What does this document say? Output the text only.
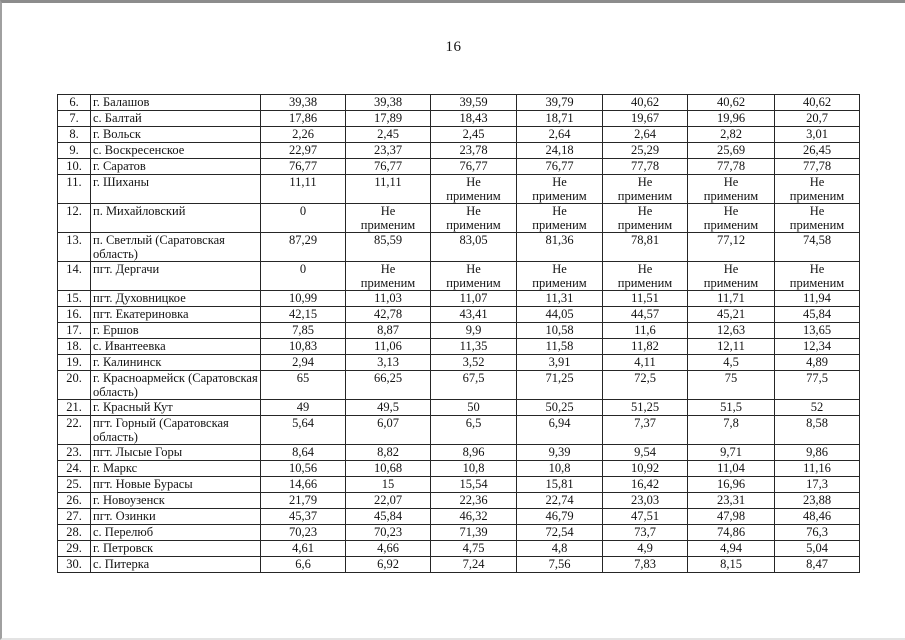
16
6.	г. Балашов	39,38	39,38	39,59	39,79	40,62	40,62	40,62
7.	с. Балтай	17,86	17,89	18,43	18,71	19,67	19,96	20,7
8.	г. Вольск	2,26	2,45	2,45	2,64	2,64	2,82	3,01
9.	с. Воскресенское	22,97	23,37	23,78	24,18	25,29	25,69	26,45
10.	г. Саратов	76,77	76,77	76,77	76,77	77,78	77,78	77,78
11.	г. Шиханы	11,11	11,11	Не
применим	Не
применим	Не
применим	Не
применим	Не
применим
12.	п. Михайловский	0	Не
применим	Не
применим	Не
применим	Не
применим	Не
применим	Не
применим
13.	п. Светлый (Саратовская область)	87,29	85,59	83,05	81,36	78,81	77,12	74,58
14.	пгт. Дергачи	0	Не
применим	Не
применим	Не
применим	Не
применим	Не
применим	Не
применим
15.	пгт. Духовницкое	10,99	11,03	11,07	11,31	11,51	11,71	11,94
16.	пгт. Екатериновка	42,15	42,78	43,41	44,05	44,57	45,21	45,84
17.	г. Ершов	7,85	8,87	9,9	10,58	11,6	12,63	13,65
18.	с. Ивантеевка	10,83	11,06	11,35	11,58	11,82	12,11	12,34
19.	г. Калининск	2,94	3,13	3,52	3,91	4,11	4,5	4,89
20.	г. Красноармейск (Саратовская область)	65	66,25	67,5	71,25	72,5	75	77,5
21.	г. Красный Кут	49	49,5	50	50,25	51,25	51,5	52
22.	пгт. Горный (Саратовская область)	5,64	6,07	6,5	6,94	7,37	7,8	8,58
23.	пгт. Лысые Горы	8,64	8,82	8,96	9,39	9,54	9,71	9,86
24.	г. Маркс	10,56	10,68	10,8	10,8	10,92	11,04	11,16
25.	пгт. Новые Бурасы	14,66	15	15,54	15,81	16,42	16,96	17,3
26.	г. Новоузенск	21,79	22,07	22,36	22,74	23,03	23,31	23,88
27.	пгт. Озинки	45,37	45,84	46,32	46,79	47,51	47,98	48,46
28.	с. Перелюб	70,23	70,23	71,39	72,54	73,7	74,86	76,3
29.	г. Петровск	4,61	4,66	4,75	4,8	4,9	4,94	5,04
30.	с. Питерка	6,6	6,92	7,24	7,56	7,83	8,15	8,47
